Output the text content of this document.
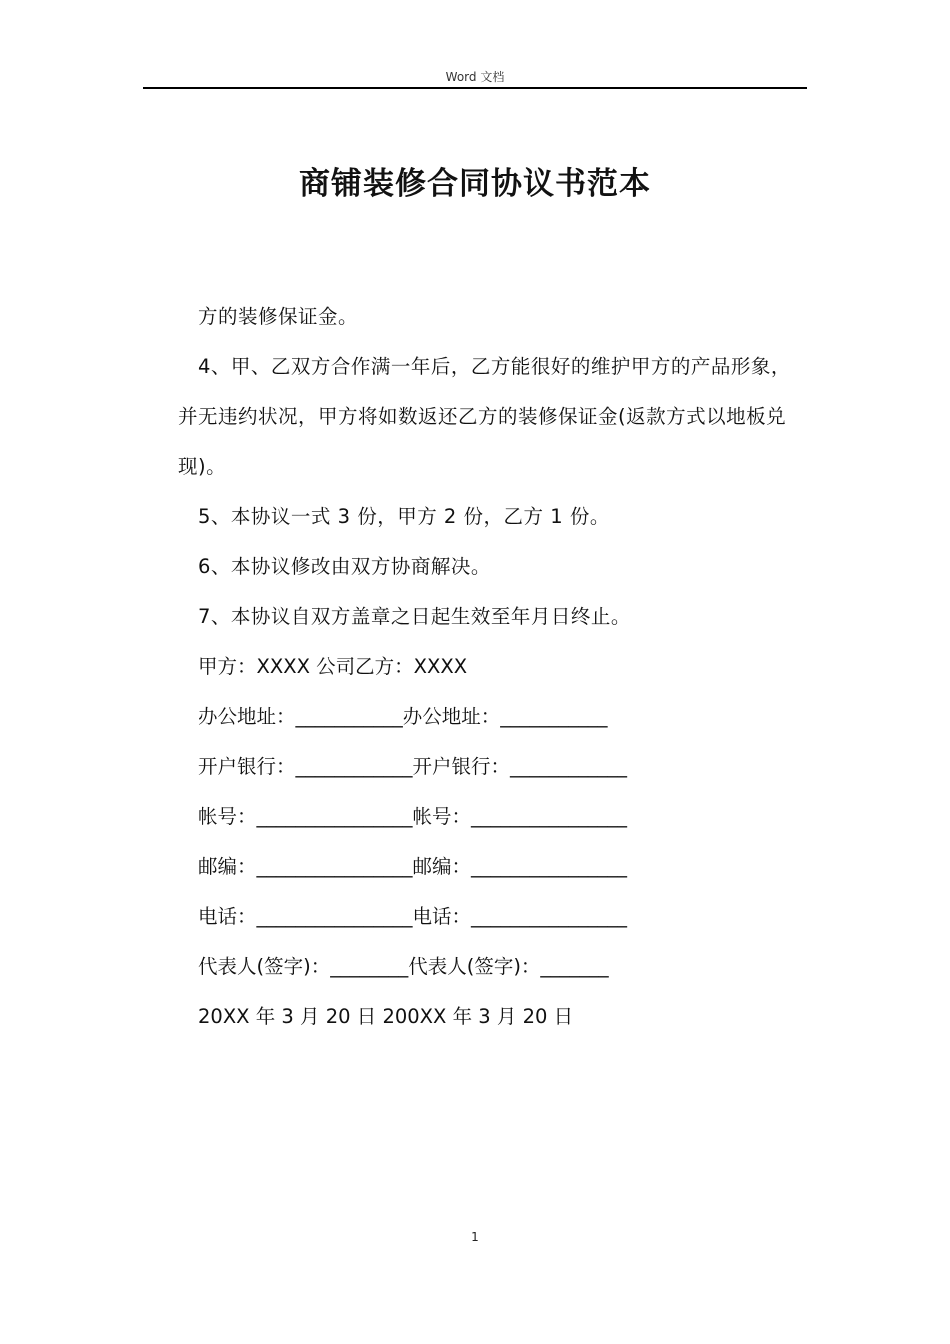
Word 文档
商铺装修合同协议书范本

方的装修保证金。

4、甲、乙双方合作满一年后，乙方能很好的维护甲方的产品形象，并无违约状况，甲方将如数返还乙方的装修保证金(返款方式以地板兑现)。

5、本协议一式 3 份，甲方 2 份，乙方 1 份。

6、本协议修改由双方协商解决。

7、本协议自双方盖章之日起生效至年月日终止。

甲方：XXXX 公司乙方：XXXX

办公地址：___________办公地址：___________

开户银行：____________开户银行：____________

帐号：________________帐号：________________

邮编：________________邮编：________________

电话：________________电话：________________

代表人(签字)：________代表人(签字)：_______

20XX 年 3 月 20 日 200XX 年 3 月 20 日

1
